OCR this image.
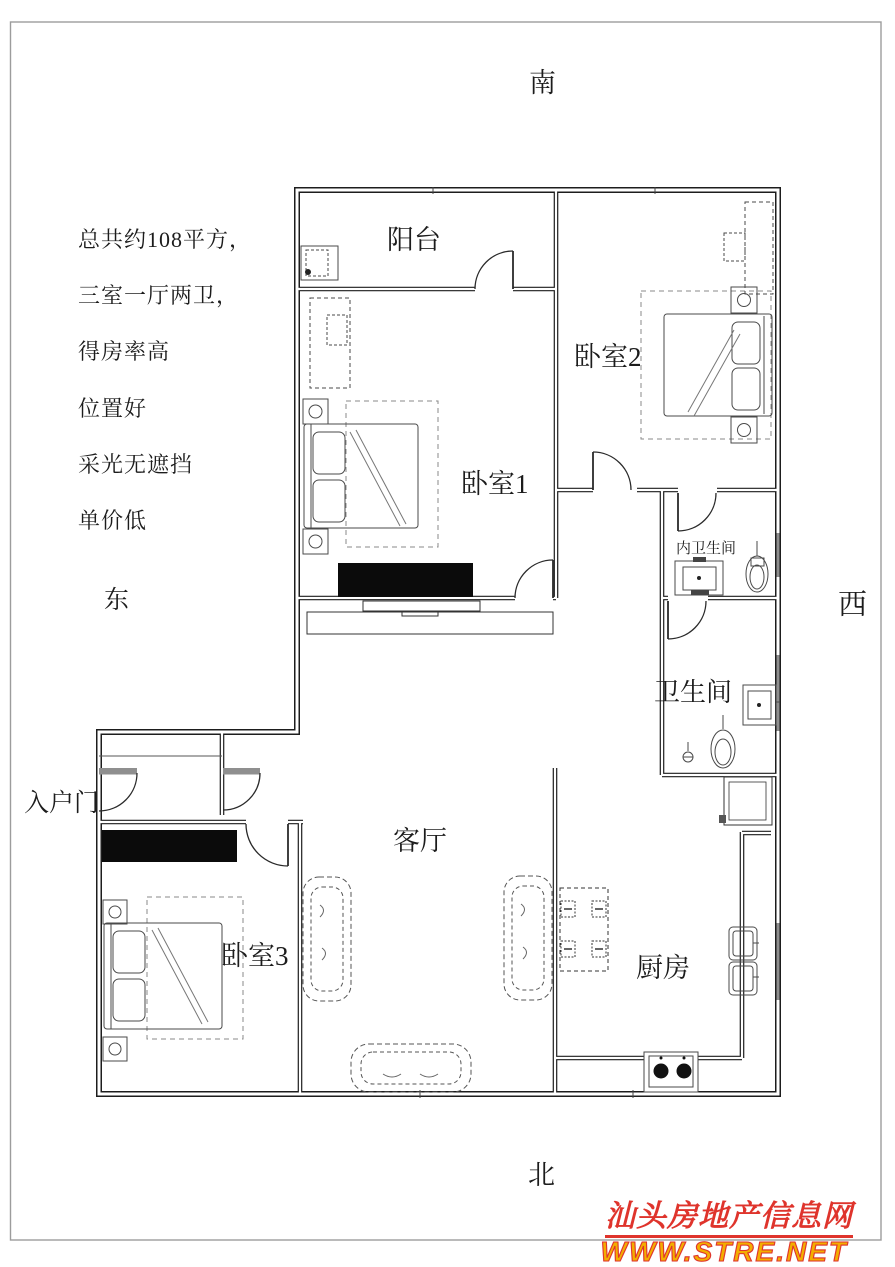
南
北
东	西
阳台
卧室1
卧室2
卧室3
客厅
厨房
卫生间
内卫生间
入户门
总共约108平方，
三室一厅两卫，
得房率高
位置好
采光无遮挡
单价低
汕头房地产信息网
WWW.STRE.NET
